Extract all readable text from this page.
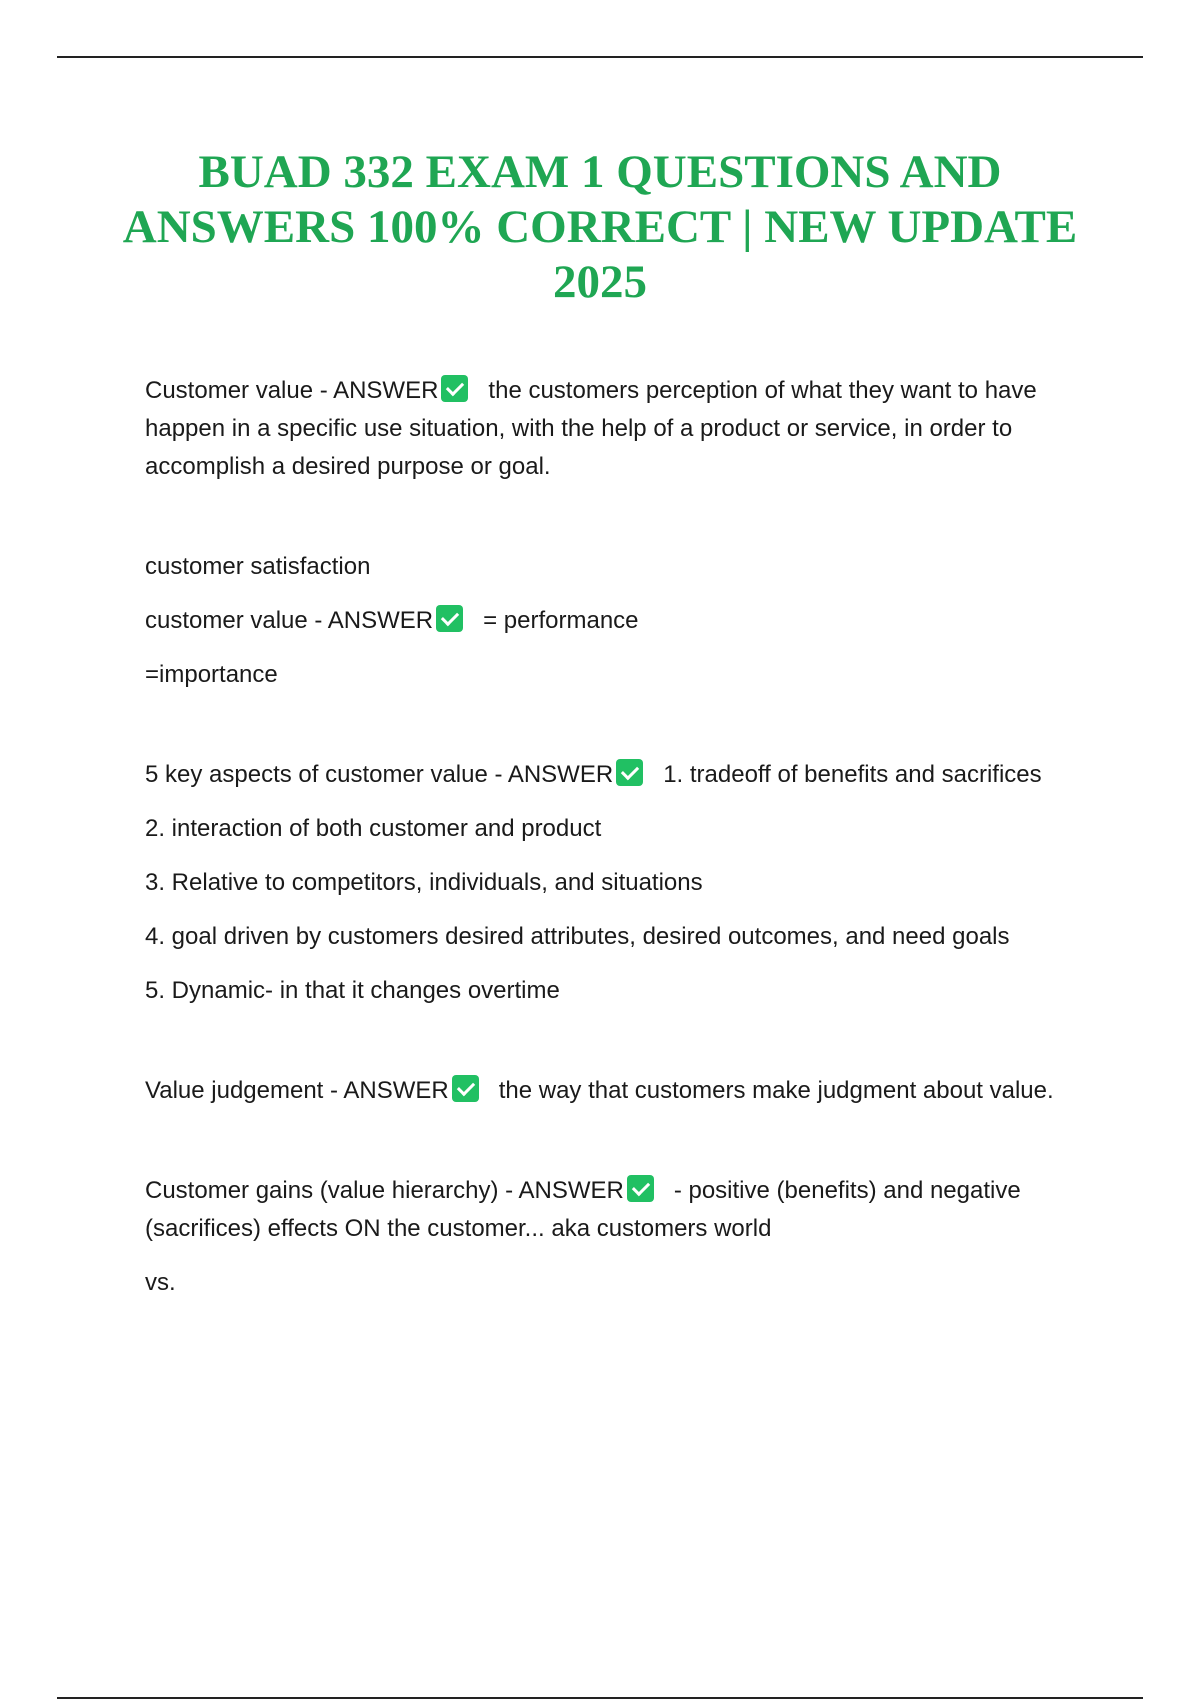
BUAD 332 EXAM 1 QUESTIONS AND ANSWERS 100% CORRECT | NEW UPDATE 2025

Customer value - ANSWER the customers perception of what they want to have happen in a specific use situation, with the help of a product or service, in order to accomplish a desired purpose or goal.

customer satisfaction

customer value - ANSWER = performance

=importance

5 key aspects of customer value - ANSWER 1. tradeoff of benefits and sacrifices

2. interaction of both customer and product

3. Relative to competitors, individuals, and situations

4. goal driven by customers desired attributes, desired outcomes, and need goals

5. Dynamic- in that it changes overtime

Value judgement - ANSWER the way that customers make judgment about value.

Customer gains (value hierarchy) - ANSWER - positive (benefits) and negative (sacrifices) effects ON the customer... aka customers world

vs.
